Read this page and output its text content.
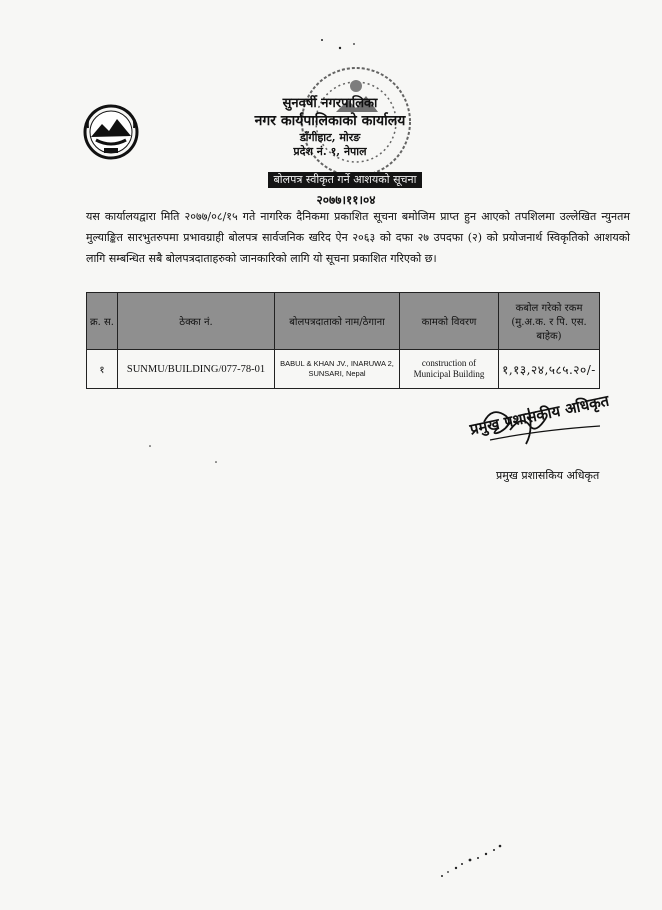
सुनवर्षी नगरपालिका
नगर कार्यपालिकाको कार्यालय
डाँगीहाट, मोरङ
प्रदेश नं. १, नेपाल
बोलपत्र स्वीकृत गर्ने आशयको सूचना
२०७७।११।०४
यस कार्यालयद्वारा मिति २०७७/०८/१५ गते नागरिक दैनिकमा प्रकाशित सूचना बमोजिम प्राप्त हुन आएको तपशिलमा उल्लेखित न्युनतम मुल्याङ्कित सारभुतरुपमा प्रभावग्राही बोलपत्र सार्वजनिक खरिद ऐन २०६३ को दफा २७ उपदफा (२) को प्रयोजनार्थ स्विकृतिको आशयको लागि सम्बन्धित सबै बोलपत्रदाताहरुको जानकारिको लागि यो सूचना प्रकाशित गरिएको छ।
क्र. स.	ठेक्का नं.	बोलपत्रदाताको नाम/ठेगाना	कामको विवरण	कबोल गरेको रकम (मु.अ.क. र पि. एस. बाहेक)
१	SUNMU/BUILDING/077-78-01	BABUL & KHAN JV., INARUWA 2, SUNSARI, Nepal	construction of Municipal Building	१,१३,२४,५८५.२०/-
प्रमुख प्रशासकीय अधिकृत
प्रमुख प्रशासकिय अधिकृत
